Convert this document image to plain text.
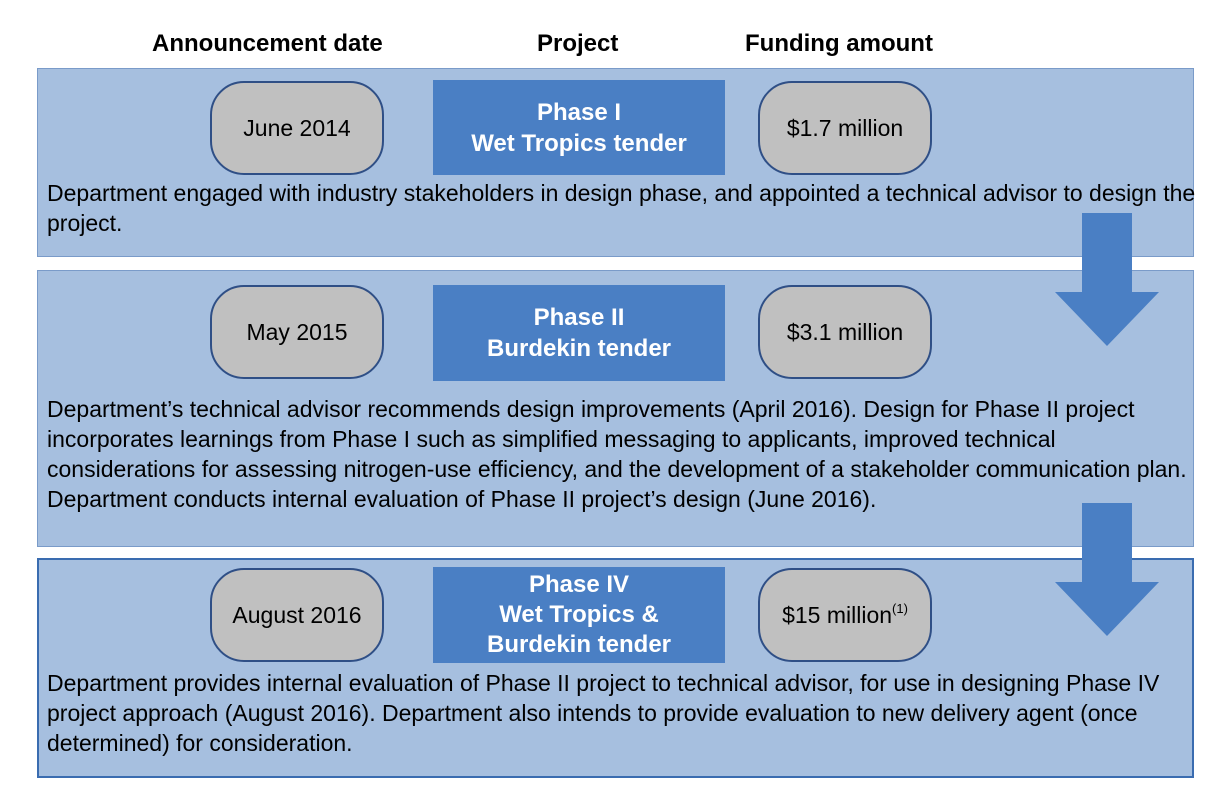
Announcement date	Project	Funding amount
June 2014
Phase I
Wet Tropics tender
$1.7 million

Department engaged with industry stakeholders in design phase, and appointed a technical advisor to design the project.

May 2015
Phase II
Burdekin tender
$3.1 million

Department’s technical advisor recommends design improvements (April 2016). Design for Phase II project incorporates learnings from Phase I such as simplified messaging to applicants, improved technical considerations for assessing nitrogen-use efficiency, and the development of a stakeholder communication plan.

Department conducts internal evaluation of Phase II project’s design (June 2016).

August 2016
Phase IV
Wet Tropics &
Burdekin tender
$15 million$^{(1)}$

Department provides internal evaluation of Phase II project to technical advisor, for use in designing Phase IV project approach (August 2016). Department also intends to provide evaluation to new delivery agent (once determined) for consideration.
